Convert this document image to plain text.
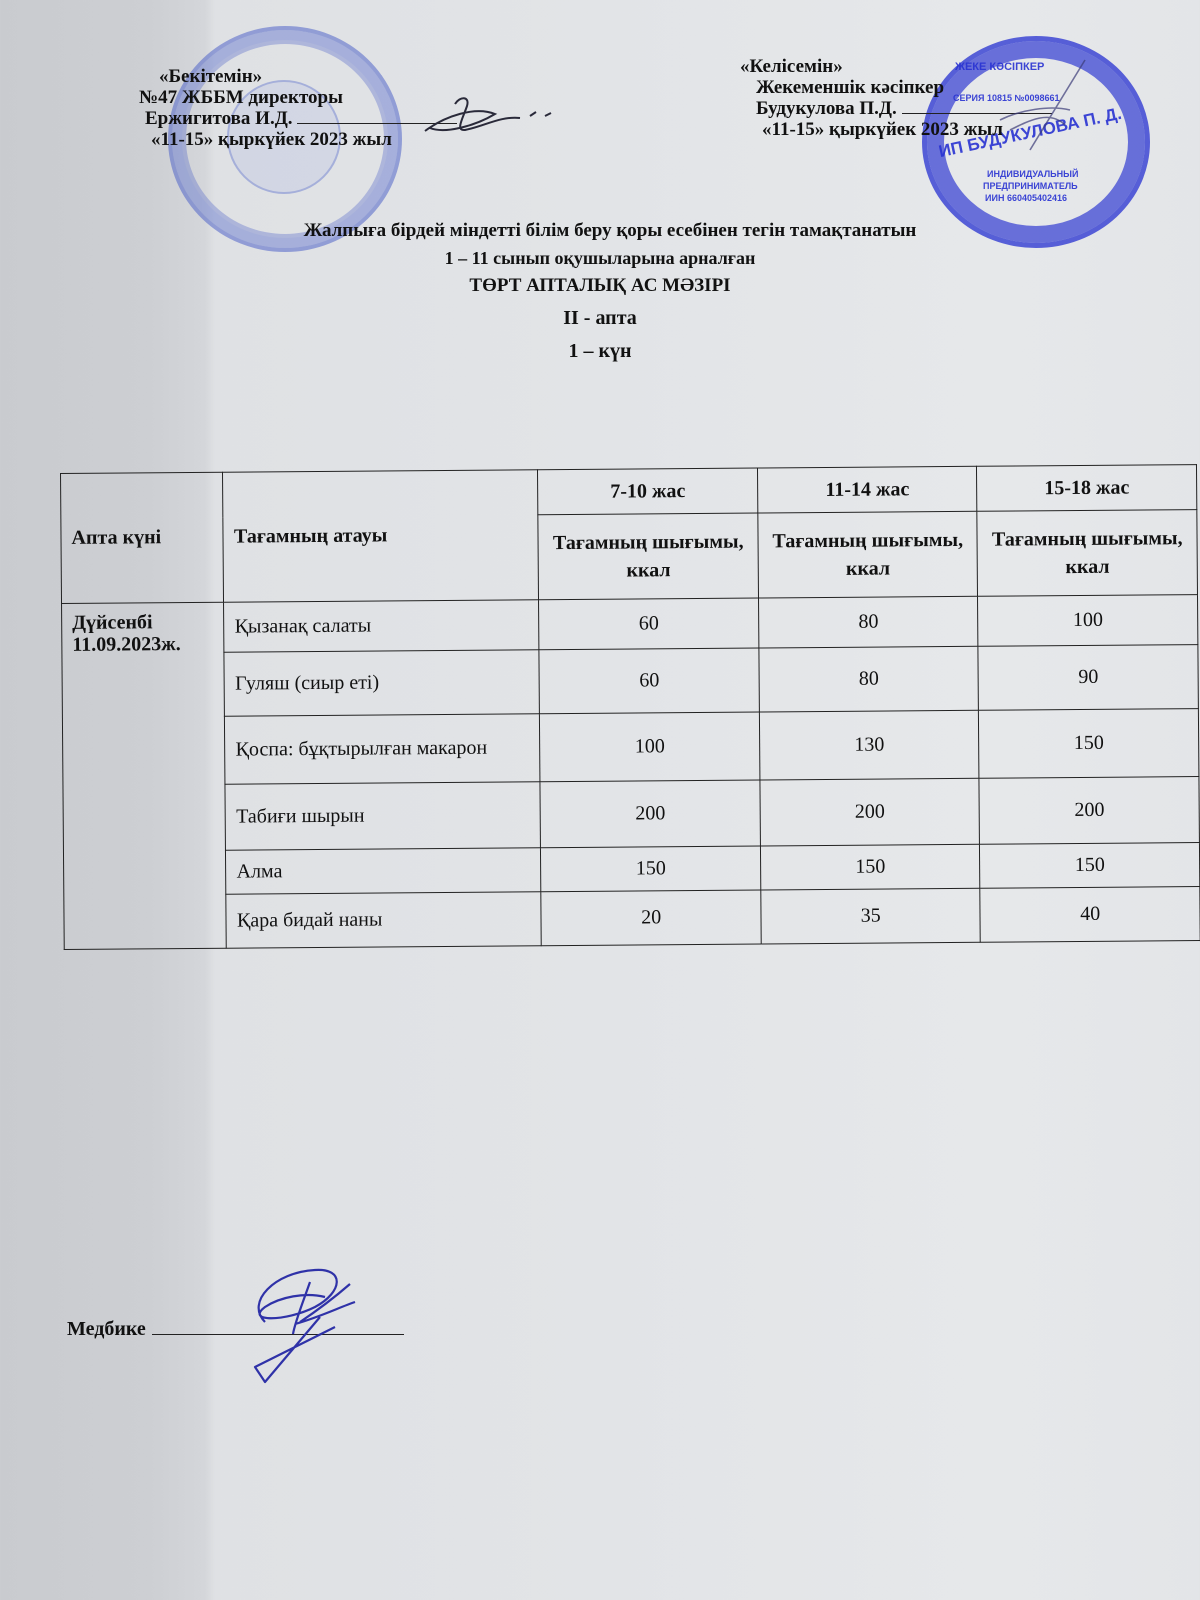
ЖЕКЕ КӘСІПКЕР
СЕРИЯ 10815 №0098661
ИП БУДУКУЛОВА П. Д.
ИНДИВИДУАЛЬНЫЙ
ПРЕДПРИНИМАТЕЛЬ
ИИН 660405402416
«Бекітемін»
№47 ЖББМ директоры
Ержигитова И.Д.
«11-15» қыркүйек 2023 жыл
«Келісемін»
Жекеменшік кәсіпкер
Будукулова П.Д.
«11-15» қыркүйек 2023 жыл
Жалпыға бірдей міндетті білім беру қоры есебінен тегін тамақтанатын
1 – 11 сынып оқушыларына арналған
ТӨРТ АПТАЛЫҚ АС МӘЗІРІ
II - апта
1 – күн
Апта күні	Тағамның атауы	7-10 жас	11-14 жас	15-18 жас
		Тағамның шығымы, ккал	Тағамның шығымы, ккал	Тағамның шығымы, ккал
Дүйсенбі
11.09.2023ж.	Қызанақ салаты	60	80	100
	Гуляш (сиыр еті)	60	80	90
	Қоспа: бұқтырылған макарон	100	130	150
	Табиғи шырын	200	200	200
	Алма	150	150	150
	Қара бидай наны	20	35	40
Медбике
